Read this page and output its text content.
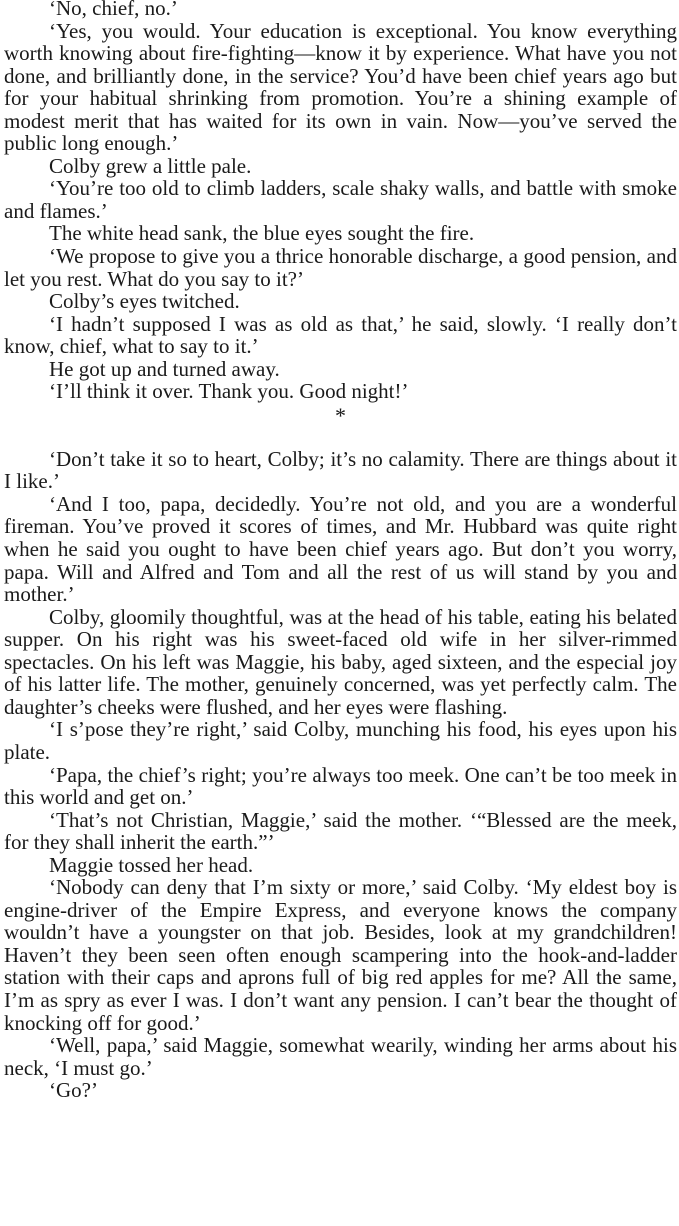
‘No, chief, no.’

‘Yes, you would. Your education is exceptional. You know everything worth knowing about fire-fighting—know it by experience. What have you not done, and brilliantly done, in the service? You’d have been chief years ago but for your habitual shrinking from promotion. You’re a shining example of modest merit that has waited for its own in vain. Now—you’ve served the public long enough.’

Colby grew a little pale.

‘You’re too old to climb ladders, scale shaky walls, and battle with smoke and flames.’

The white head sank, the blue eyes sought the fire.

‘We propose to give you a thrice honorable discharge, a good pension, and let you rest. What do you say to it?’

Colby’s eyes twitched.

‘I hadn’t supposed I was as old as that,’ he said, slowly. ‘I really don’t know, chief, what to say to it.’

He got up and turned away.

‘I’ll think it over. Thank you. Good night!’

*

‘Don’t take it so to heart, Colby; it’s no calamity. There are things about it I like.’

‘And I too, papa, decidedly. You’re not old, and you are a wonderful fireman. You’ve proved it scores of times, and Mr. Hubbard was quite right when he said you ought to have been chief years ago. But don’t you worry, papa. Will and Alfred and Tom and all the rest of us will stand by you and mother.’

Colby, gloomily thoughtful, was at the head of his table, eating his belated supper. On his right was his sweet-faced old wife in her silver-rimmed spectacles. On his left was Maggie, his baby, aged sixteen, and the especial joy of his latter life. The mother, genuinely concerned, was yet perfectly calm. The daughter’s cheeks were flushed, and her eyes were flashing.

‘I s’pose they’re right,’ said Colby, munching his food, his eyes upon his plate.

‘Papa, the chief’s right; you’re always too meek. One can’t be too meek in this world and get on.’

‘That’s not Christian, Maggie,’ said the mother. ‘“Blessed are the meek, for they shall inherit the earth.”’

Maggie tossed her head.

‘Nobody can deny that I’m sixty or more,’ said Colby. ‘My eldest boy is engine-driver of the Empire Express, and everyone knows the company wouldn’t have a youngster on that job. Besides, look at my grandchildren! Haven’t they been seen often enough scampering into the hook-and-ladder station with their caps and aprons full of big red apples for me? All the same, I’m as spry as ever I was. I don’t want any pension. I can’t bear the thought of knocking off for good.’

‘Well, papa,’ said Maggie, somewhat wearily, winding her arms about his neck, ‘I must go.’

‘Go?’
